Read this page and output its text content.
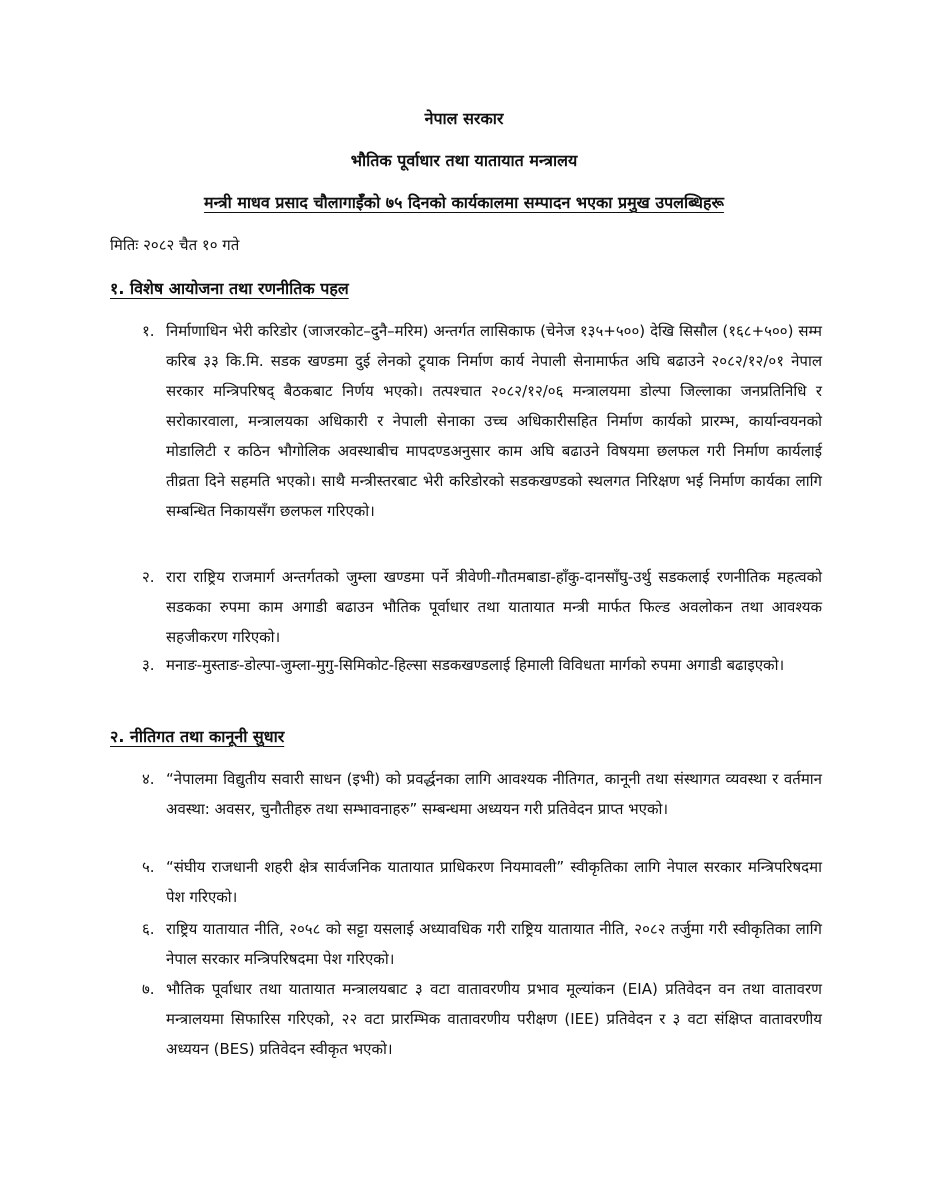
नेपाल सरकार
भौतिक पूर्वाधार तथा यातायात मन्त्रालय
मन्त्री माधव प्रसाद चौलागाईँको ७५ दिनको कार्यकालमा सम्पादन भएका प्रमुख उपलब्धिहरू
मितिः २०८२ चैत १० गते
१. विशेष आयोजना तथा रणनीतिक पहल
१. निर्माणाधिन भेरी करिडोर (जाजरकोट–दुनै–मरिम) अन्तर्गत लासिकाफ (चेनेज १३५+५००) देखि सिसौल (१६८+५००) सम्म करिब ३३ कि.मि. सडक खण्डमा दुई लेनको ट्र्याक निर्माण कार्य नेपाली सेनामार्फत अघि बढाउने २०८२/१२/०१ नेपाल सरकार मन्त्रिपरिषद् बैठकबाट निर्णय भएको। तत्पश्चात २०८२/१२/०६ मन्त्रालयमा डोल्पा जिल्लाका जनप्रतिनिधि र सरोकारवाला, मन्त्रालयका अधिकारी र नेपाली सेनाका उच्च अधिकारीसहित निर्माण कार्यको प्रारम्भ, कार्यान्वयनको मोडालिटी र कठिन भौगोलिक अवस्थाबीच मापदण्डअनुसार काम अघि बढाउने विषयमा छलफल गरी निर्माण कार्यलाई तीव्रता दिने सहमति भएको। साथै मन्त्रीस्तरबाट भेरी करिडोरको सडकखण्डको स्थलगत निरिक्षण भई निर्माण कार्यका लागि सम्बन्धित निकायसँग छलफल गरिएको।
२. रारा राष्ट्रिय राजमार्ग अन्तर्गतको जुम्ला खण्डमा पर्ने त्रीवेणी-गौतमबाडा-हाँकु-दानसाँघु-उर्थु सडकलाई रणनीतिक महत्वको सडकका रुपमा काम अगाडी बढाउन भौतिक पूर्वाधार तथा यातायात मन्त्री मार्फत फिल्ड अवलोकन तथा आवश्यक सहजीकरण गरिएको।
३. मनाङ-मुस्ताङ-डोल्पा-जुम्ला-मुगु-सिमिकोट-हिल्सा सडकखण्डलाई हिमाली विविधता मार्गको रुपमा अगाडी बढाइएको।
२. नीतिगत तथा कानूनी सुधार
४. “नेपालमा विद्युतीय सवारी साधन (इभी) को प्रवर्द्धनका लागि आवश्यक नीतिगत, कानूनी तथा संस्थागत व्यवस्था र वर्तमान अवस्था: अवसर, चुनौतीहरु तथा सम्भावनाहरु” सम्बन्धमा अध्ययन गरी प्रतिवेदन प्राप्त भएको।
५. “संघीय राजधानी शहरी क्षेत्र सार्वजनिक यातायात प्राधिकरण नियमावली” स्वीकृतिका लागि नेपाल सरकार मन्त्रिपरिषदमा पेश गरिएको।
६. राष्ट्रिय यातायात नीति, २०५८ को सट्टा यसलाई अध्यावधिक गरी राष्ट्रिय यातायात नीति, २०८२ तर्जुमा गरी स्वीकृतिका लागि नेपाल सरकार मन्त्रिपरिषदमा पेश गरिएको।
७. भौतिक पूर्वाधार तथा यातायात मन्त्रालयबाट ३ वटा वातावरणीय प्रभाव मूल्यांकन (EIA) प्रतिवेदन वन तथा वातावरण मन्त्रालयमा सिफारिस गरिएको, २२ वटा प्रारम्भिक वातावरणीय परीक्षण (IEE) प्रतिवेदन र ३ वटा संक्षिप्त वातावरणीय अध्ययन (BES) प्रतिवेदन स्वीकृत भएको।
